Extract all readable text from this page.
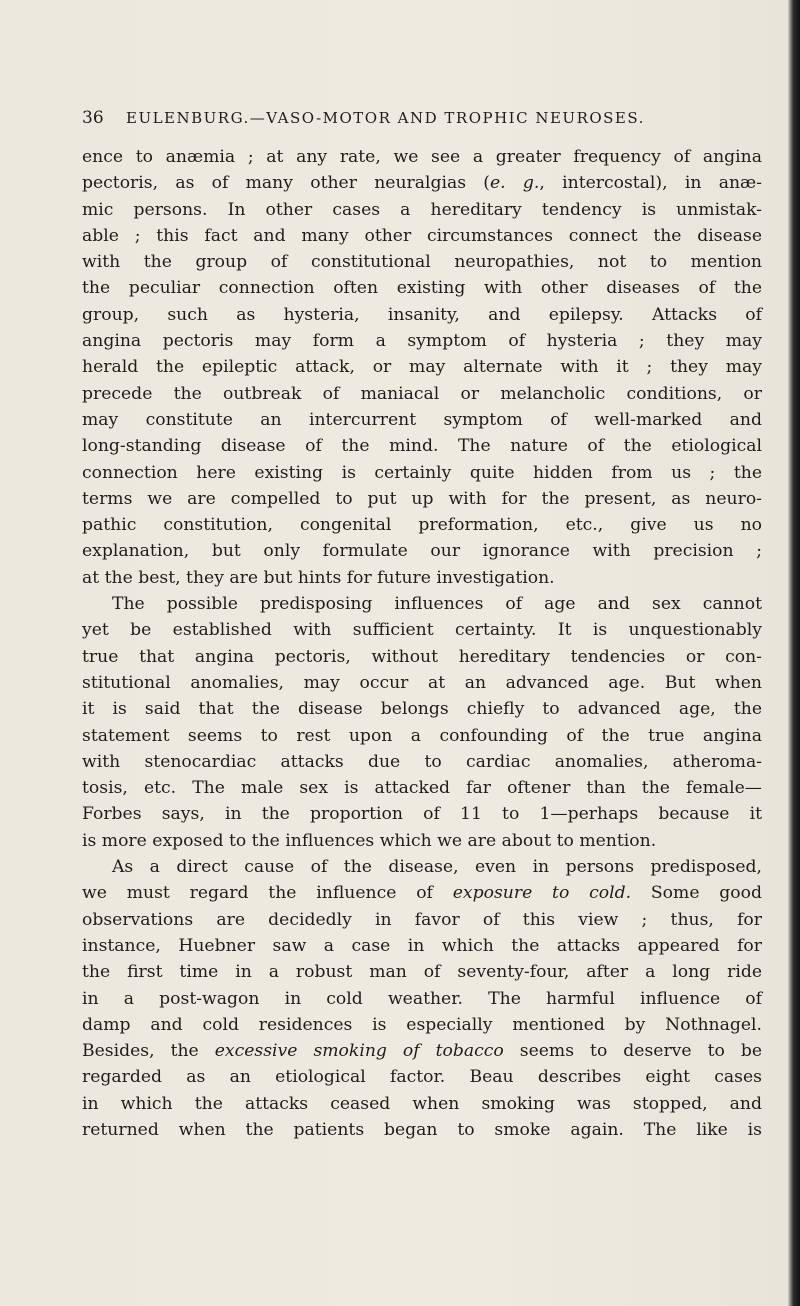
36 EULENBURG.—VASO-MOTOR AND TROPHIC NEUROSES.
ence to anæmia ; at any rate, we see a greater frequency of angina
pectoris, as of many other neuralgias (e. g., intercostal), in anæ-
mic persons. In other cases a hereditary tendency is unmistak-
able ; this fact and many other circumstances connect the disease
with the group of constitutional neuropathies, not to mention
the peculiar connection often existing with other diseases of the
group, such as hysteria, insanity, and epilepsy. Attacks of
angina pectoris may form a symptom of hysteria ; they may
herald the epileptic attack, or may alternate with it ; they may
precede the outbreak of maniacal or melancholic conditions, or
may constitute an intercurrent symptom of well-marked and
long-standing disease of the mind. The nature of the etiological
connection here existing is certainly quite hidden from us ; the
terms we are compelled to put up with for the present, as neuro-
pathic constitution, congenital preformation, etc., give us no
explanation, but only formulate our ignorance with precision ;
at the best, they are but hints for future investigation.
The possible predisposing influences of age and sex cannot
yet be established with sufficient certainty. It is unquestionably
true that angina pectoris, without hereditary tendencies or con-
stitutional anomalies, may occur at an advanced age. But when
it is said that the disease belongs chiefly to advanced age, the
statement seems to rest upon a confounding of the true angina
with stenocardiac attacks due to cardiac anomalies, atheroma-
tosis, etc. The male sex is attacked far oftener than the female—
Forbes says, in the proportion of 11 to 1—perhaps because it
is more exposed to the influences which we are about to mention.
As a direct cause of the disease, even in persons predisposed,
we must regard the influence of exposure to cold. Some good
observations are decidedly in favor of this view ; thus, for
instance, Huebner saw a case in which the attacks appeared for
the first time in a robust man of seventy-four, after a long ride
in a post-wagon in cold weather. The harmful influence of
damp and cold residences is especially mentioned by Nothnagel.
Besides, the excessive smoking of tobacco seems to deserve to be
regarded as an etiological factor. Beau describes eight cases
in which the attacks ceased when smoking was stopped, and
returned when the patients began to smoke again. The like is
